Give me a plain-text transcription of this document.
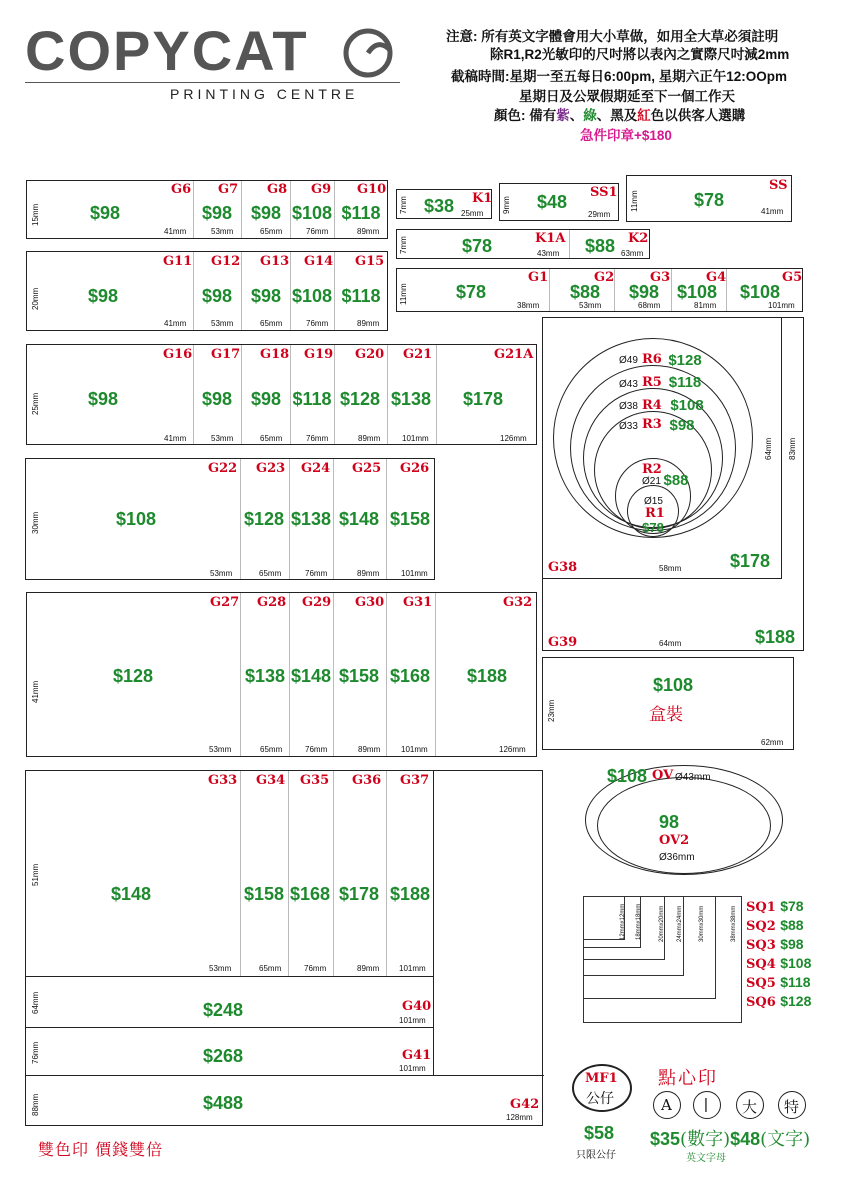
COPYCAT
PRINTING CENTRE
注意: 所有英文字體會用大小草做，如用全大草必須註明
除R1,R2光敏印的尺吋將以表內之實際尺吋減2mm
截稿時間:星期一至五每日6:00pm, 星期六正午12:OOpm
星期日及公眾假期延至下一個工作天
顏色: 備有紫、綠、黑及紅色以供客人選購
急件印章+$180
15mm
G6 G7 G8 G9 G10
$98	$98 $98 $108 $118
41mm	53mm	65mm	76mm	89mm
20mm
G11 G12 G13 G14 G15
$98	$98 $98 $108 $118
41mm	53mm	65mm	76mm	89mm
7mm	K1
$38 25mm 9mm
SS1
$48
29mm
11mm
SS
$78
41mm
7mm	K1A
$78	43mm
K2
$88 63mm
11mm
G1	G2	G3	G4	G5
$78	$88 $98 $108 $108
38mm	53mm	68mm	81mm	101mm
25mm
G16 G17 G18 G19 G20 G21	G21A
$98	$98 $98 $118 $128 $138 $178
41mm	53mm	65mm	76mm	89mm	101mm	126mm
30mm
G22 G23 G24 G25 G26
$108	$128 $138 $148 $158
53mm	65mm	76mm	89mm	101mm
41mm
G27 G28 G29 G30 G31	G32
$128	$138 $148 $158 $168 $188
53mm	65mm	76mm	89mm	101mm	126mm
Ø49 R6 $128
Ø43 R5 $118
Ø38 R4 $108
Ø33 R3 $98
R2
Ø21 $88
Ø15
R1
$78
64mm 83mm
G38	58mm	$178
G39	64mm	$188
23mm
$108
盒裝
62mm
$108 OV Ø43mm
98
OV2
Ø36mm
51mm
G33 G34 G35 G36 G37
$148	$158 $168 $178 $188
53mm	65mm	76mm	89mm 101mm
64mm	$248	G40
101mm
76mm	$268	G41
101mm
88mm	$488	G42
128mm
12mmx12mm 18mmx18mm	20mmx20mm 24mmx24mm	30mmx30mm	38mmx38mm SQ1 $78
SQ2 $88
SQ3 $98
SQ4 $108
SQ5 $118
SQ6 $128
MF1
公仔
$58
只限公仔
點心印
A | 大 特
$35(數字)$48(文字)
英文字母
雙色印 價錢雙倍
